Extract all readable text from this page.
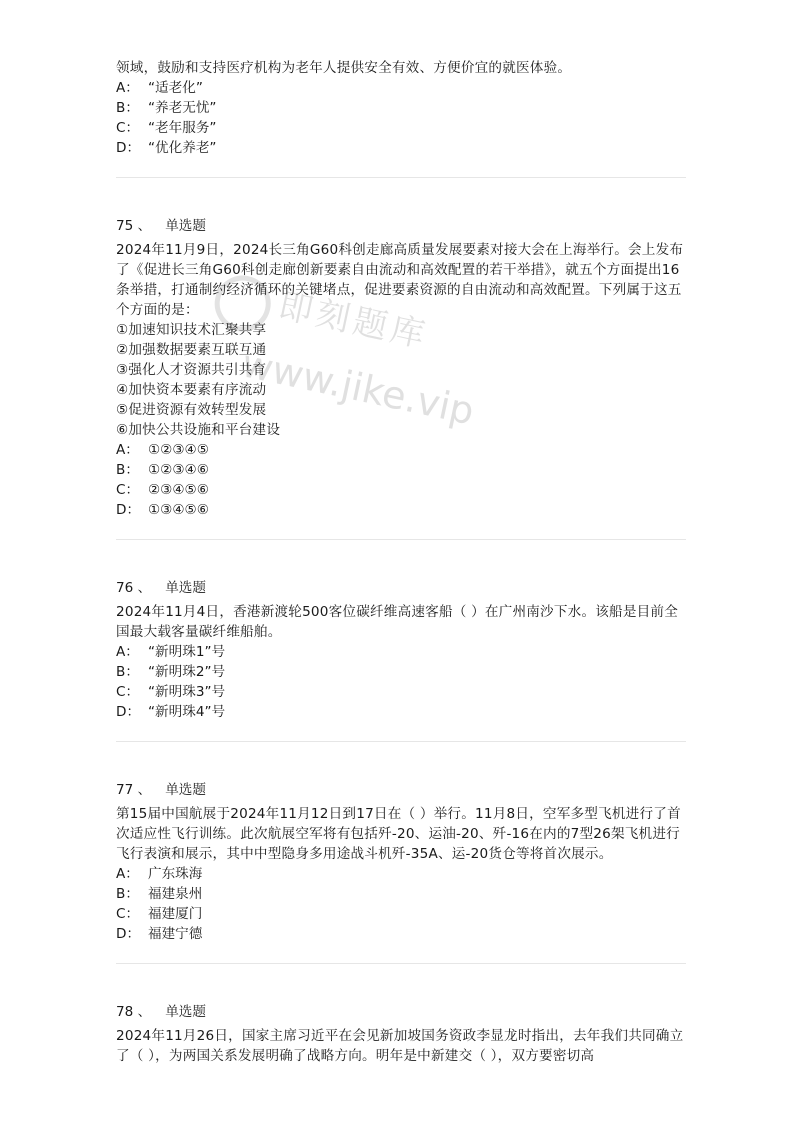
领域，鼓励和支持医疗机构为老年人提供安全有效、方便价宜的就医体验。

A： “适老化”

B： “养老无忧”

C： “老年服务”

D： “优化养老”

75 、 单选题

2024年11月9日，2024长三角G60科创走廊高质量发展要素对接大会在上海举行。会上发布了《促进长三角G60科创走廊创新要素自由流动和高效配置的若干举措》，就五个方面提出16条举措，打通制约经济循环的关键堵点，促进要素资源的自由流动和高效配置。下列属于这五个方面的是：

①加速知识技术汇聚共享

②加强数据要素互联互通

③强化人才资源共引共育

④加快资本要素有序流动

⑤促进资源有效转型发展

⑥加快公共设施和平台建设

A： ①②③④⑤

B： ①②③④⑥

C： ②③④⑤⑥

D： ①③④⑤⑥

76 、 单选题

2024年11月4日，香港新渡轮500客位碳纤维高速客船（ ）在广州南沙下水。该船是目前全国最大载客量碳纤维船舶。

A： “新明珠1”号

B： “新明珠2”号

C： “新明珠3”号

D： “新明珠4”号

77 、 单选题

第15届中国航展于2024年11月12日到17日在（ ）举行。11月8日，空军多型飞机进行了首次适应性飞行训练。此次航展空军将有包括歼-20、运油-20、歼-16在内的7型26架飞机进行飞行表演和展示，其中中型隐身多用途战斗机歼-35A、运-20货仓等将首次展示。

A： 广东珠海

B： 福建泉州

C： 福建厦门

D： 福建宁德

78 、 单选题

2024年11月26日，国家主席习近平在会见新加坡国务资政李显龙时指出，去年我们共同确立了（ ），为两国关系发展明确了战略方向。明年是中新建交（ ），双方要密切高

即刻题库
www.jike.vip
